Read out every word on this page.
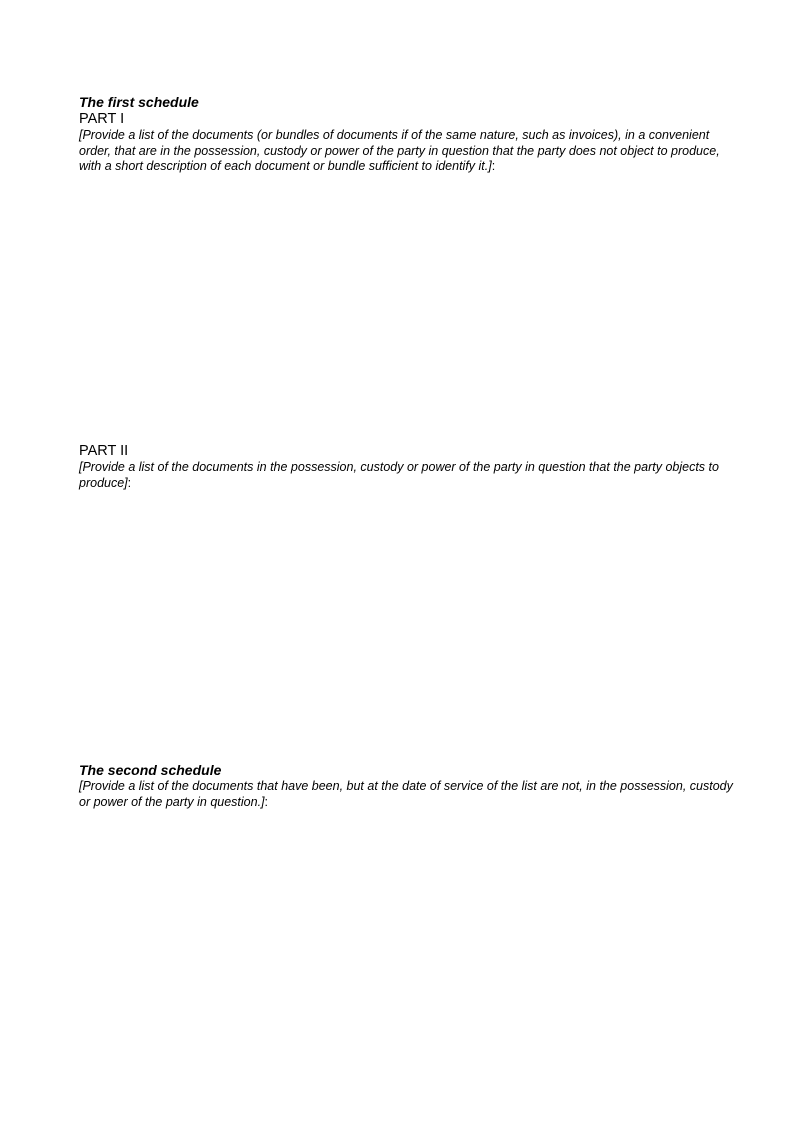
The first schedule

PART I

[Provide a list of the documents (or bundles of documents if of the same nature, such as invoices), in a convenient order, that are in the possession, custody or power of the party in question that the party does not object to produce, with a short description of each document or bundle sufficient to identify it.]:

PART II

[Provide a list of the documents in the possession, custody or power of the party in question that the party objects to produce]:

The second schedule

[Provide a list of the documents that have been, but at the date of service of the list are not, in the possession, custody or power of the party in question.]:
